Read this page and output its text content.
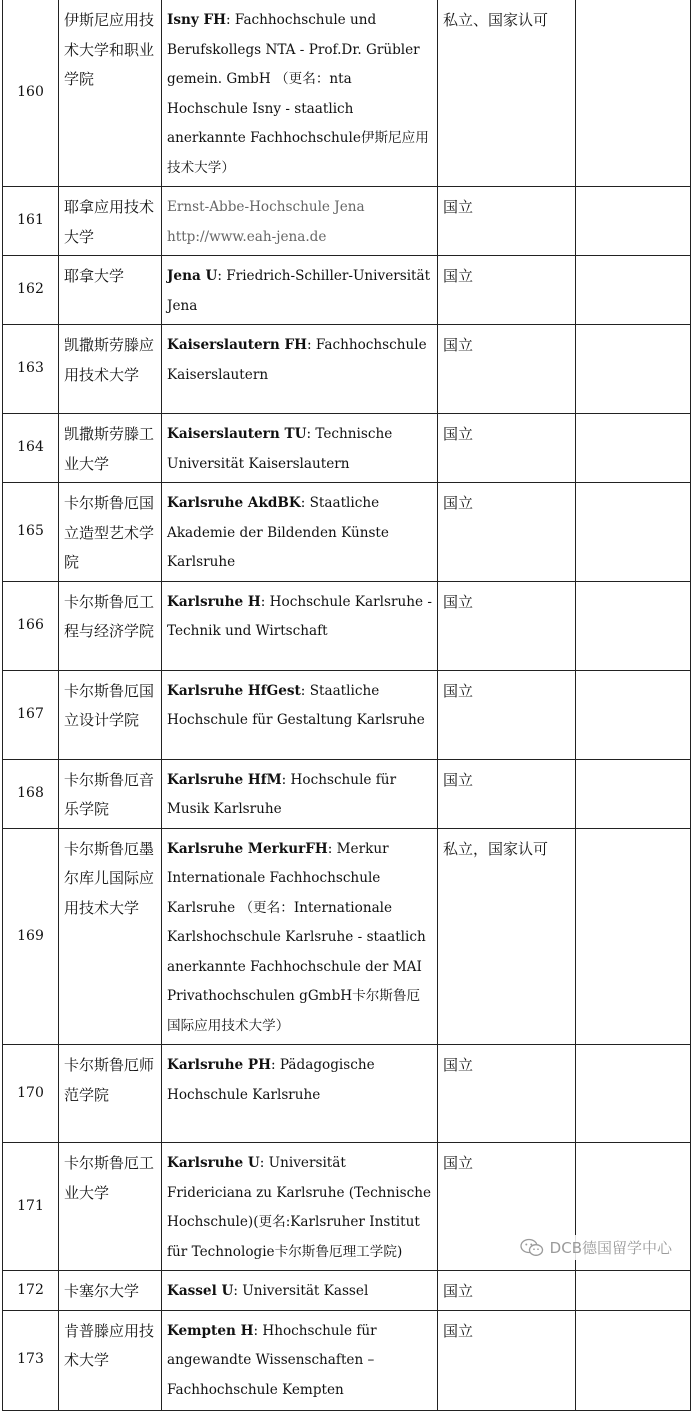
160	伊斯尼应用技术大学和职业学院	Isny FH: Fachhochschule und Berufskollegs NTA - Prof.Dr. Grübler gemein. GmbH （更名：nta Hochschule Isny - staatlich anerkannte Fachhochschule伊斯尼应用技术大学）	私立、国家认可	
161	耶拿应用技术大学	Ernst-Abbe-Hochschule Jena http://www.eah-jena.de	国立	
162	耶拿大学	Jena U: Friedrich-Schiller-Universität Jena	国立	
163	凯撒斯劳滕应用技术大学	Kaiserslautern FH: Fachhochschule Kaiserslautern	国立	
164	凯撒斯劳滕工业大学	Kaiserslautern TU: Technische Universität Kaiserslautern	国立	
165	卡尔斯鲁厄国立造型艺术学院	Karlsruhe AkdBK: Staatliche Akademie der Bildenden Künste Karlsruhe	国立	
166	卡尔斯鲁厄工程与经济学院	Karlsruhe H: Hochschule Karlsruhe - Technik und Wirtschaft	国立	
167	卡尔斯鲁厄国立设计学院	Karlsruhe HfGest: Staatliche Hochschule für Gestaltung Karlsruhe	国立	
168	卡尔斯鲁厄音乐学院	Karlsruhe HfM: Hochschule für Musik Karlsruhe	国立	
169	卡尔斯鲁厄墨尔库儿国际应用技术大学	Karlsruhe MerkurFH: Merkur Internationale Fachhochschule Karlsruhe （更名：Internationale Karlshochschule Karlsruhe - staatlich anerkannte Fachhochschule der MAI Privathochschulen gGmbH卡尔斯鲁厄国际应用技术大学）	私立，国家认可	
170	卡尔斯鲁厄师范学院	Karlsruhe PH: Pädagogische Hochschule Karlsruhe	国立	
171	卡尔斯鲁厄工业大学	Karlsruhe U: Universität Fridericiana zu Karlsruhe (Technische Hochschule)(更名:Karlsruher Institut für Technologie卡尔斯鲁厄理工学院)	国立	
172	卡塞尔大学	Kassel U: Universität Kassel	国立	
173	肯普滕应用技术大学	Kempten H: Hhochschule für angewandte Wissenschaften – Fachhochschule Kempten	国立	
DCB德国留学中心
